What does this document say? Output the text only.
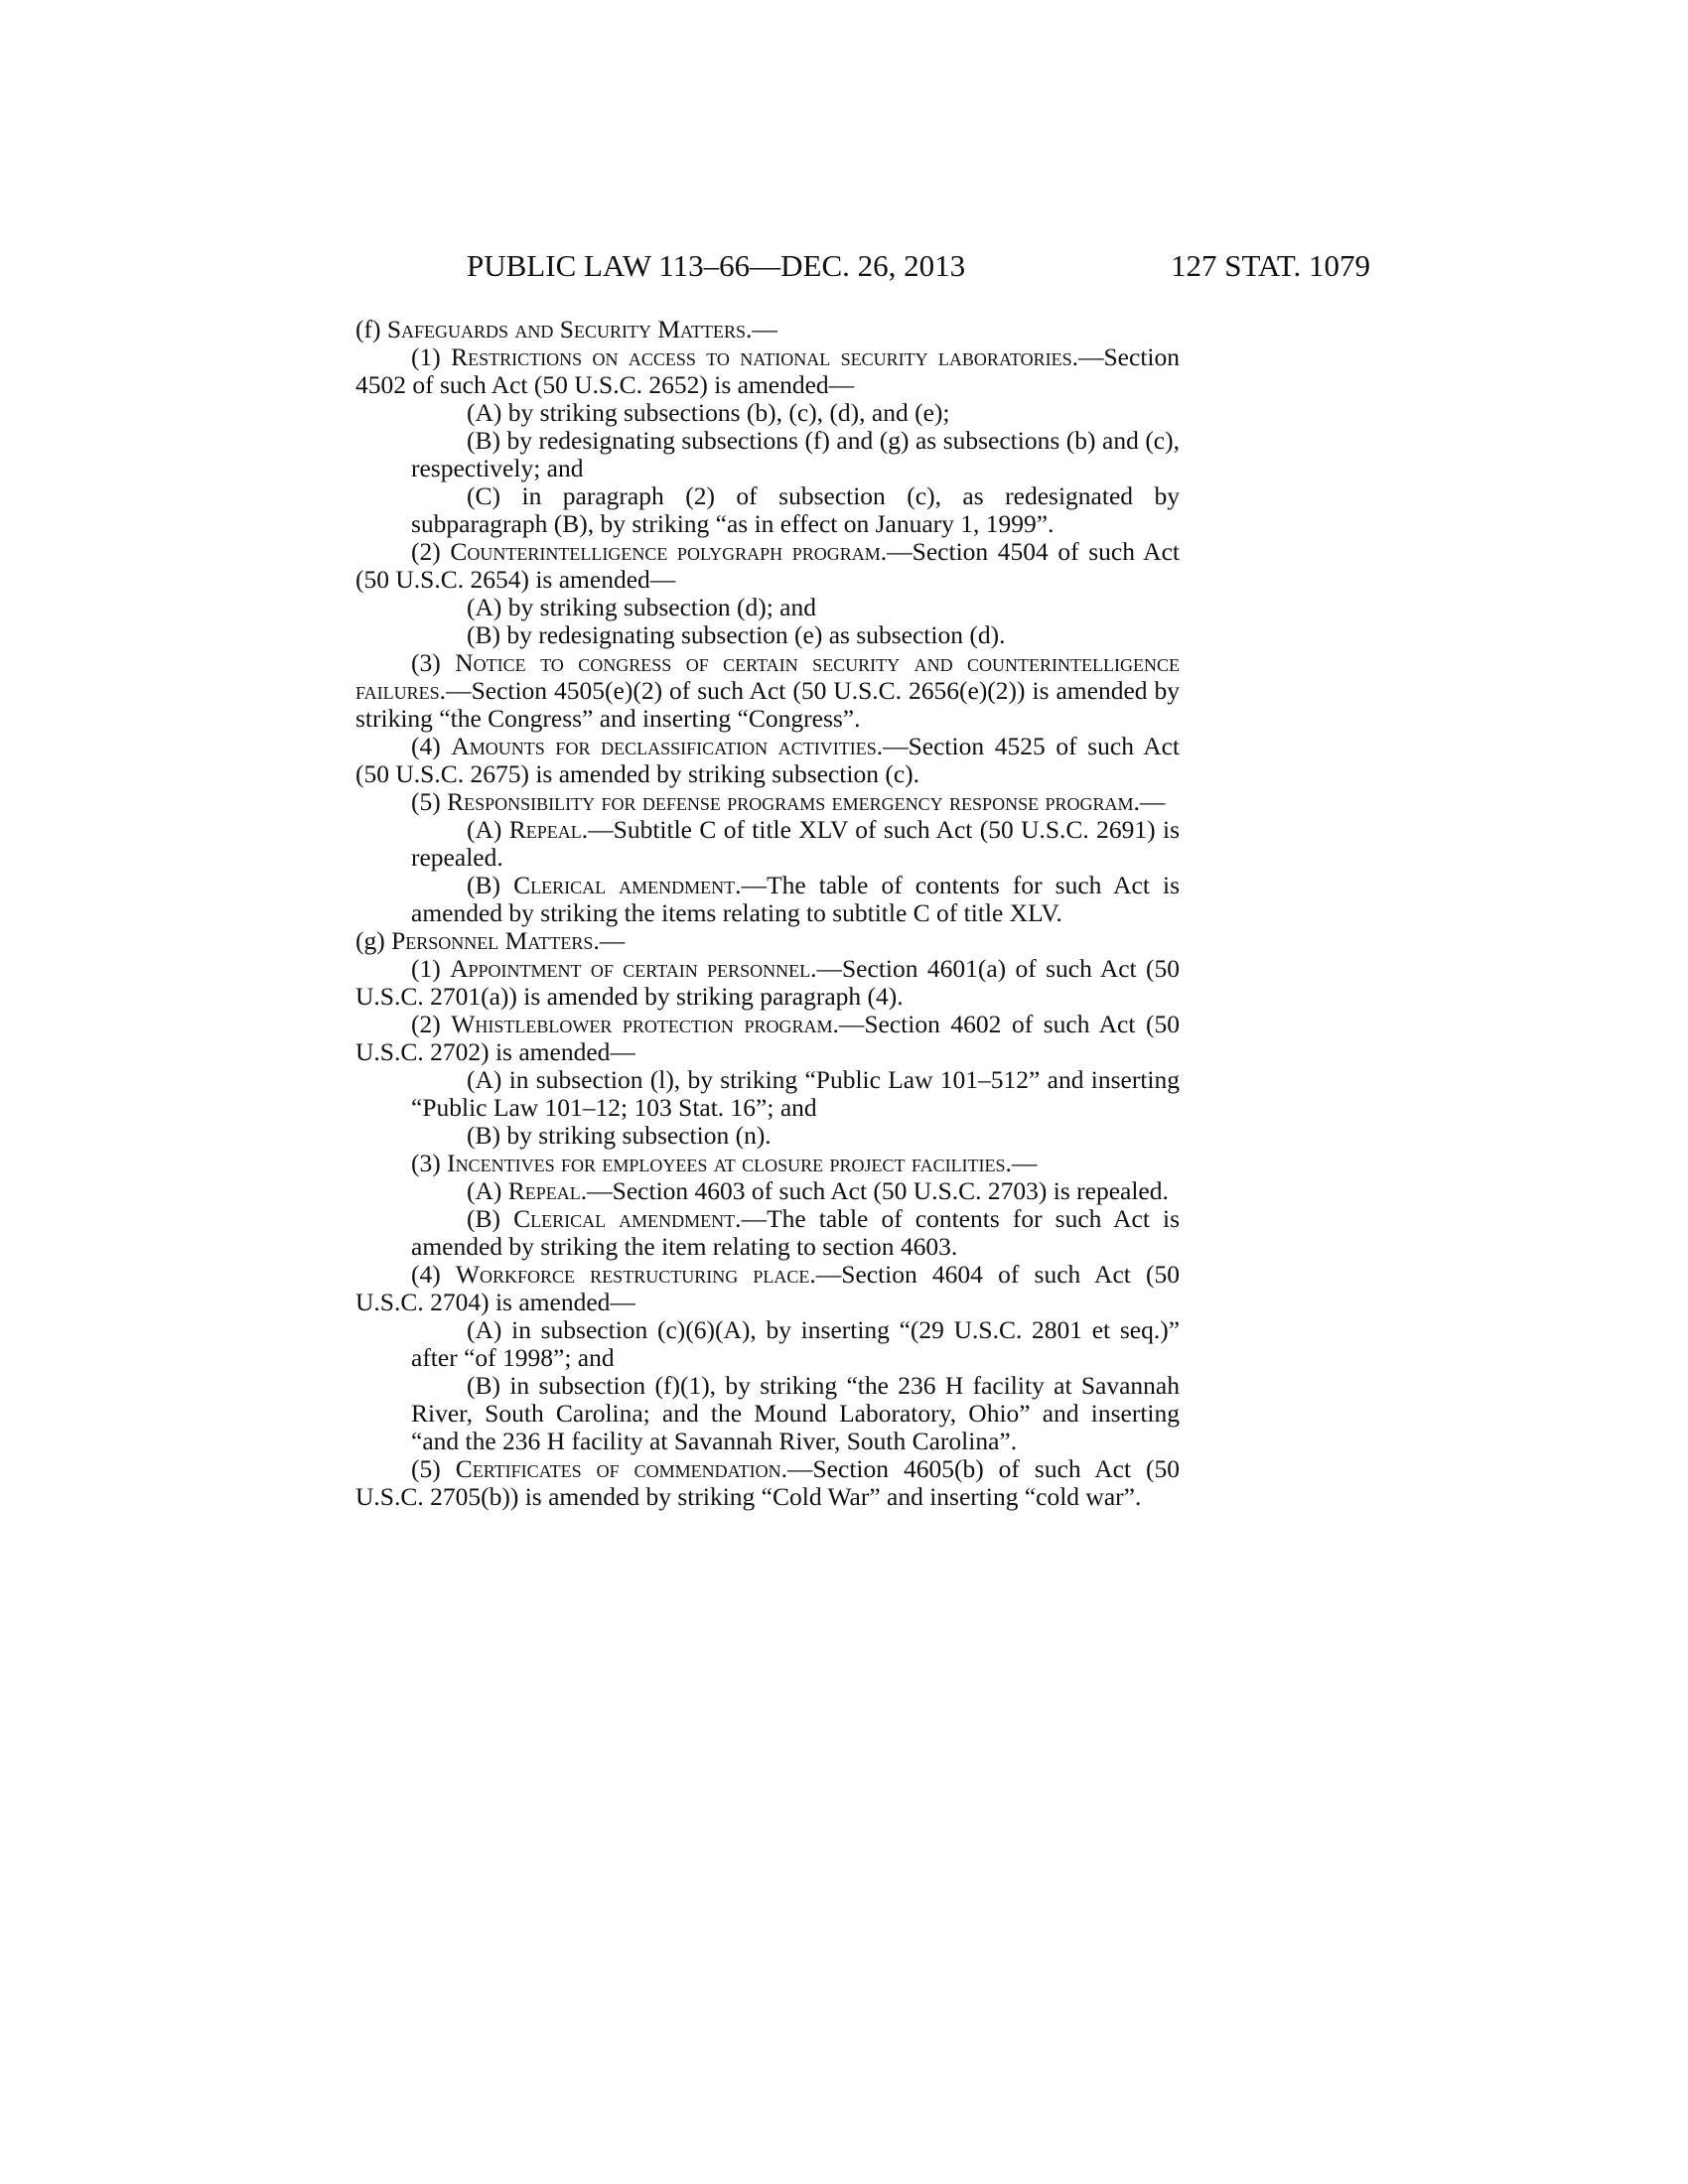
PUBLIC LAW 113–66—DEC. 26, 2013	127 STAT. 1079

(f) Safeguards and Security Matters.—

(1) Restrictions on access to national security laboratories.—Section 4502 of such Act (50 U.S.C. 2652) is amended—

(A) by striking subsections (b), (c), (d), and (e);

(B) by redesignating subsections (f) and (g) as subsections (b) and (c), respectively; and

(C) in paragraph (2) of subsection (c), as redesignated by subparagraph (B), by striking “as in effect on January 1, 1999”.

(2) Counterintelligence polygraph program.—Section 4504 of such Act (50 U.S.C. 2654) is amended—

(A) by striking subsection (d); and

(B) by redesignating subsection (e) as subsection (d).

(3) Notice to congress of certain security and counterintelligence failures.—Section 4505(e)(2) of such Act (50 U.S.C. 2656(e)(2)) is amended by striking “the Congress” and inserting “Congress”.

(4) Amounts for declassification activities.—Section 4525 of such Act (50 U.S.C. 2675) is amended by striking subsection (c).

(5) Responsibility for defense programs emergency response program.—

(A) Repeal.—Subtitle C of title XLV of such Act (50 U.S.C. 2691) is repealed.

(B) Clerical amendment.—The table of contents for such Act is amended by striking the items relating to subtitle C of title XLV.

(g) Personnel Matters.—

(1) Appointment of certain personnel.—Section 4601(a) of such Act (50 U.S.C. 2701(a)) is amended by striking paragraph (4).

(2) Whistleblower protection program.—Section 4602 of such Act (50 U.S.C. 2702) is amended—

(A) in subsection (l), by striking “Public Law 101–512” and inserting “Public Law 101–12; 103 Stat. 16”; and

(B) by striking subsection (n).

(3) Incentives for employees at closure project facilities.—

(A) Repeal.—Section 4603 of such Act (50 U.S.C. 2703) is repealed.

(B) Clerical amendment.—The table of contents for such Act is amended by striking the item relating to section 4603.

(4) Workforce restructuring place.—Section 4604 of such Act (50 U.S.C. 2704) is amended—

(A) in subsection (c)(6)(A), by inserting “(29 U.S.C. 2801 et seq.)” after “of 1998”; and

(B) in subsection (f)(1), by striking “the 236 H facility at Savannah River, South Carolina; and the Mound Laboratory, Ohio” and inserting “and the 236 H facility at Savannah River, South Carolina”.

(5) Certificates of commendation.—Section 4605(b) of such Act (50 U.S.C. 2705(b)) is amended by striking “Cold War” and inserting “cold war”.
